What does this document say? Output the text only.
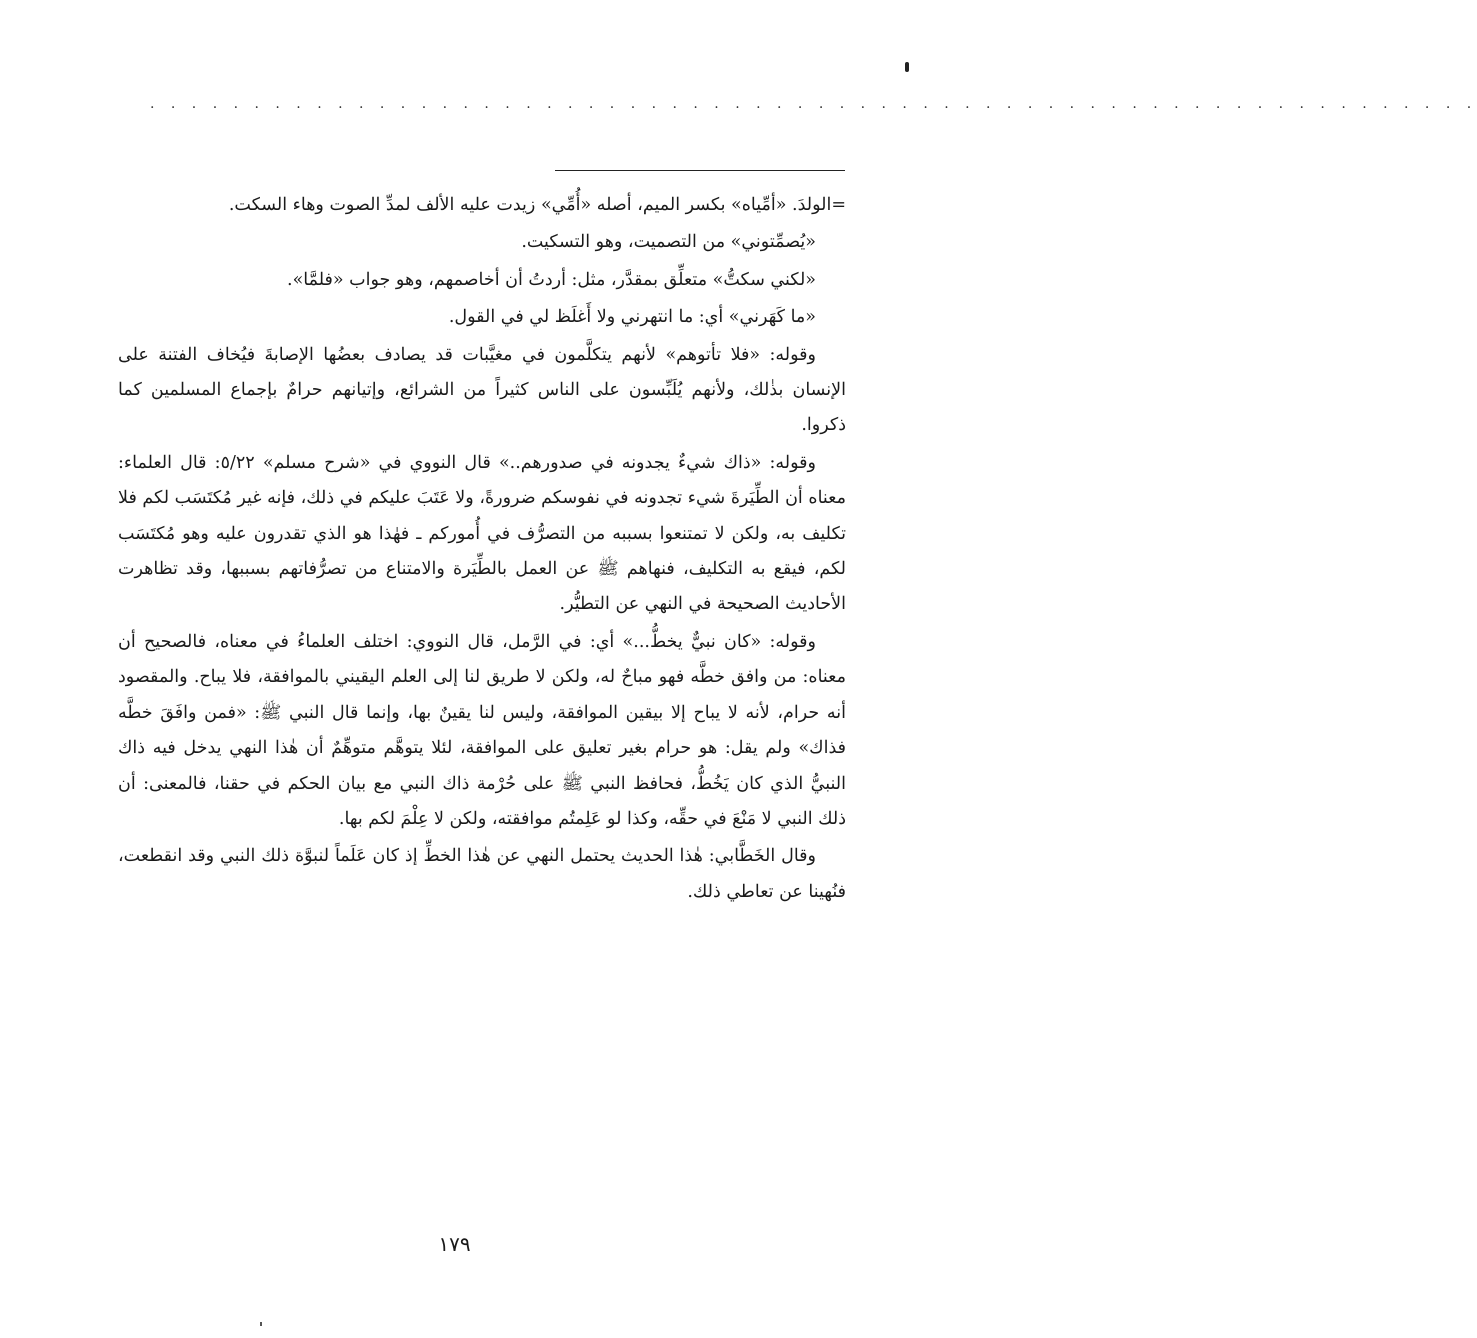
. . . . . . . . . . . . . . . . . . . . . . . . . . . . . . . . . . . . . . . . . . . . . . . . . . . . . . . . . . . . . . . .

=الولدَ. «أمِّياه» بكسر الميم، أصله «أُمِّي» زيدت عليه الألف لمدِّ الصوت وهاء السكت.

«يُصمِّتوني» من التصميت، وهو التسكيت.

«لكني سكتُّ» متعلِّق بمقدَّر، مثل: أردتُ أن أخاصمهم، وهو جواب «فلمَّا».

«ما كَهَرني» أي: ما انتهرني ولا أَغلَظ لي في القول.

وقوله: «فلا تأتوهم» لأنهم يتكلَّمون في مغيَّبات قد يصادف بعضُها الإصابةَ فيُخاف الفتنة على الإنسان بذٰلك، ولأنهم يُلَبِّسون على الناس كثيراً من الشرائع، وإتيانهم حرامٌ بإجماع المسلمين كما ذكروا.

وقوله: «ذاك شيءٌ يجدونه في صدورهم..» قال النووي في «شرح مسلم» ٥/٢٢: قال العلماء: معناه أن الطِّيَرةَ شيء تجدونه في نفوسكم ضرورةً، ولا عَتَبَ عليكم في ذلك، فإنه غير مُكتَسَب لكم فلا تكليف به، ولكن لا تمتنعوا بسببه من التصرُّف في أُموركم ـ فهٰذا هو الذي تقدرون عليه وهو مُكتَسَب لكم، فيقع به التكليف، فنهاهم ﷺ عن العمل بالطِّيَرة والامتناع من تصرُّفاتهم بسببها، وقد تظاهرت الأحاديث الصحيحة في النهي عن التطيُّر.

وقوله: «كان نبيٌّ يخطُّ...» أي: في الرَّمل، قال النووي: اختلف العلماءُ في معناه، فالصحيح أن معناه: من وافق خطَّه فهو مباحٌ له، ولكن لا طريق لنا إلى العلم اليقيني بالموافقة، فلا يباح. والمقصود أنه حرام، لأنه لا يباح إلا بيقين الموافقة، وليس لنا يقينٌ بها، وإنما قال النبي ﷺ: «فمن وافَقَ خطَّه فذاك» ولم يقل: هو حرام بغير تعليق على الموافقة، لئلا يتوهَّم متوهِّمٌ أن هٰذا النهي يدخل فيه ذاك النبيُّ الذي كان يَخُطُّ، فحافظ النبي ﷺ على حُرْمة ذاك النبي مع بيان الحكم في حقنا، فالمعنى: أن ذلك النبي لا مَنْعَ في حقِّه، وكذا لو عَلِمتُم موافقته، ولكن لا عِلْمَ لكم بها.

وقال الخَطَّابي: هٰذا الحديث يحتمل النهي عن هٰذا الخطِّ إذ كان عَلَماً لنبوَّة ذلك النبي وقد انقطعت، فنُهينا عن تعاطي ذلك.

١٧٩
